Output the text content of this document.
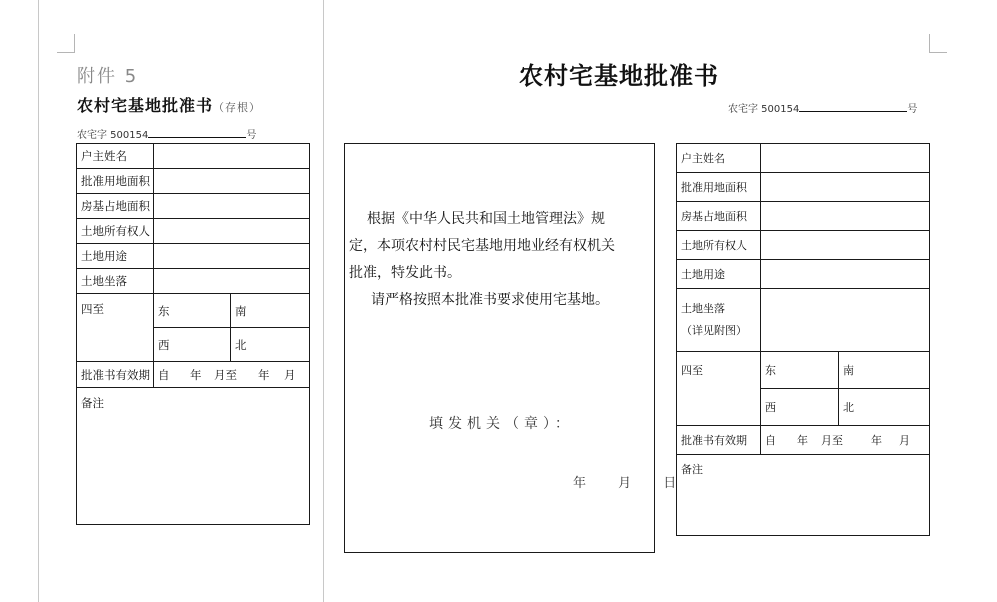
附件 5
农村宅基地批准书（存根）
农宅字 500154	号
户主姓名		
批准用地面积		
房基占地面积		
土地所有权人		
土地用途		
土地坐落		
四至	东	南
	西	北
批准书有效期	自 年 月至 年 月	
备注		
农村宅基地批准书
农宅字 500154	号

根据《中华人民共和国土地管理法》规

定，本项农村村民宅基地用地业经有权机关

批准，特发此书。

请严格按照本批准书要求使用宅基地。

填发机关（章）：
年 月 日
户主姓名		
批准用地面积		
房基占地面积		
土地所有权人		
土地用途		

土地坐落
（详见附图）		

四至	东	南
	西	北
批准书有效期	自 年 月至 年 月	
备注		
